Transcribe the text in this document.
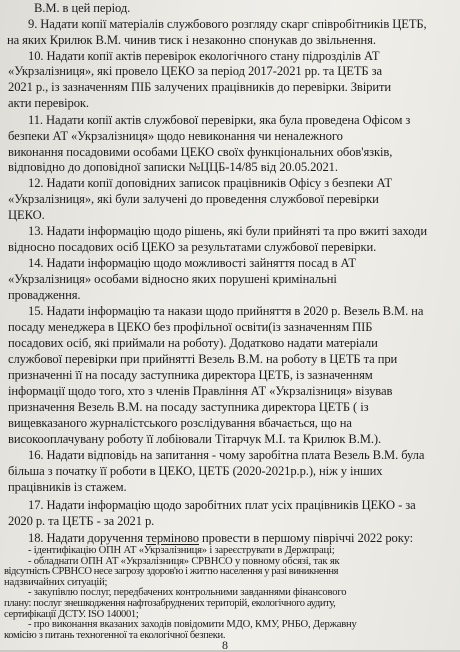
В.М. в цей період.
9. Надати копії матеріалів службового розгляду скарг співробітників ЦЕТБ,
на яких Крилюк В.М. чинив тиск і незаконно спонукав до звільнення.
10. Надати копії актів перевірок екологічного стану підрозділів АТ
«Укрзалізниця», які провело ЦЕКО за період 2017-2021 рр. та ЦЕТБ за
2021 р., із зазначенням ПІБ залучених працівників до перевірки. Звірити
акти перевірок.
11. Надати копії актів службової перевірки, яка була проведена Офісом з
безпеки АТ «Укрзалізниця» щодо невиконання чи неналежного
виконання посадовими особами ЦЕКО своїх функціональних обов'язків,
відповідно до доповідної записки №ЦЦБ-14/85 від 20.05.2021.
12. Надати копії доповідних записок працівників Офісу з безпеки АТ
«Укрзалізниця», які були залучені до проведення службової перевірки
ЦЕКО.
13. Надати інформацію щодо рішень, які були прийняті та про вжиті заходи
відносно посадових осіб ЦЕКО за результатами службової перевірки.
14. Надати інформацію щодо можливості зайняття посад в АТ
«Укрзалізниця» особами відносно яких порушені кримінальні
провадження.
15. Надати інформацію та накази щодо прийняття в 2020 р. Везель В.М. на
посаду менеджера в ЦЕКО без профільної освіти(із зазначенням ПІБ
посадових осіб, які приймали на роботу). Додатково надати матеріали
службової перевірки при прийнятті Везель В.М. на роботу в ЦЕТБ та при
призначенні її на посаду заступника директора ЦЕТБ, із зазначенням
інформації щодо того, хто з членів Правління АТ «Укрзалізниця» візував
призначення Везель В.М. на посаду заступника директора ЦЕТБ ( із
вищевказаного журналістського розслідування вбачається, що на
високооплачувану роботу її лобіювали Тітарчук М.І. та Крилюк В.М.).
16. Надати відповідь на запитання - чому заробітна плата Везель В.М. була
більша з початку її роботи в ЦЕКО, ЦЕТБ (2020-2021р.р.), ніж у інших
працівників із стажем.
17. Надати інформацію щодо заробітних плат усіх працівників ЦЕКО - за
2020 р. та ЦЕТБ - за 2021 р.
18. Надати доручення терміново провести в першому півріччі 2022 року:
- ідентифікацію ОПН АТ «Укрзалізниця» і зареєструвати в Держпраці;
- обладнати ОПН АТ «Укрзалізниця» СРВНСО у повному обсязі, так як
відсутність СРВНСО несе загрозу здоров'ю і життю населення у разі виникнення
надзвичайних ситуацій;
- закупівлю послуг, передбачених контрольними завданнями фінансового
плану: послуг знешкодження нафтозабруднених територій, екологічного аудиту,
сертифікації ДСТУ. ISO 140001;
- про виконання вказаних заходів повідомити МДО, КМУ, РНБО, Державну
комісію з питань техногенної та екологічної безпеки.
8
